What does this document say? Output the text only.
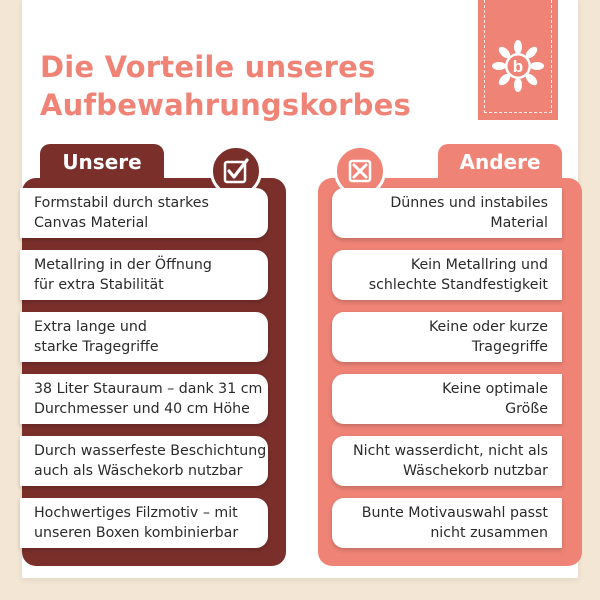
Die Vorteile unseres
Aufbewahrungskorbes
b
Unsere
Formstabil durch starkes
Canvas Material
Metallring in der Öffnung
für extra Stabilität
Extra lange und
starke Tragegriffe
38 Liter Stauraum – dank 31 cm
Durchmesser und 40 cm Höhe
Durch wasserfeste Beschichtung
auch als Wäschekorb nutzbar
Hochwertiges Filzmotiv – mit
unseren Boxen kombinierbar
Andere
Dünnes und instabiles
Material
Kein Metallring und
schlechte Standfestigkeit
Keine oder kurze
Tragegriffe
Keine optimale
Größe
Nicht wasserdicht, nicht als
Wäschekorb nutzbar
Bunte Motivauswahl passt
nicht zusammen
